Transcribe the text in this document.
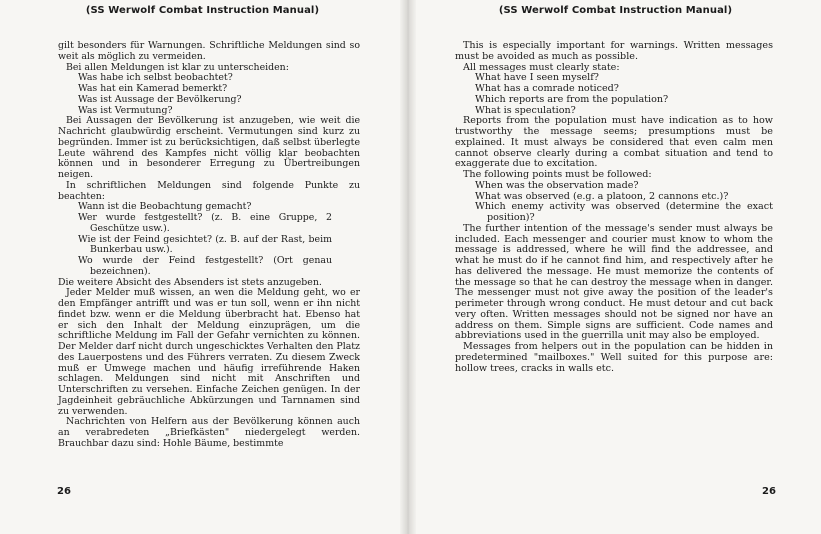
(SS Werwolf Combat Instruction Manual)	(SS Werwolf Combat Instruction Manual)

gilt besonders für Warnungen. Schriftliche Meldungen sind so weit als möglich zu vermeiden.

Bei allen Meldungen ist klar zu unterscheiden:

Was habe ich selbst beobachtet?
Was hat ein Kamerad bemerkt?
Was ist Aussage der Bevölkerung?
Was ist Vermutung?

Bei Aussagen der Bevölkerung ist anzugeben, wie weit die Nachricht glaubwürdig erscheint. Vermutungen sind kurz zu begründen. Immer ist zu berücksichtigen, daß selbst überlegte Leute während des Kampfes nicht völlig klar beobachten können und in besonderer Erregung zu Übertreibungen neigen.

In schriftlichen Meldungen sind folgende Punkte zu beachten:

Wann ist die Beobachtung gemacht?
Wer wurde festgestellt? (z. B. eine Gruppe, 2 Geschütze usw.).
Wie ist der Feind gesichtet? (z. B. auf der Rast, beim Bunkerbau usw.).
Wo wurde der Feind festgestellt? (Ort genau bezeichnen).

Die weitere Absicht des Absenders ist stets anzugeben.

Jeder Melder muß wissen, an wen die Meldung geht, wo er den Empfänger antrifft und was er tun soll, wenn er ihn nicht findet bzw. wenn er die Meldung überbracht hat. Ebenso hat er sich den Inhalt der Meldung einzuprägen, um die schriftliche Meldung im Fall der Gefahr vernichten zu können. Der Melder darf nicht durch ungeschicktes Verhalten den Platz des Lauerpostens und des Führers verraten. Zu diesem Zweck muß er Umwege machen und häufig irreführende Haken schlagen. Meldungen sind nicht mit Anschriften und Unterschriften zu versehen. Einfache Zeichen genügen. In der Jagdeinheit gebräuchliche Abkürzungen und Tarnnamen sind zu verwenden.

Nachrichten von Helfern aus der Bevölkerung können auch an verabredeten „Briefkästen" niedergelegt werden. Brauchbar dazu sind: Hohle Bäume, bestimmte

This is especially important for warnings. Written messages must be avoided as much as possible.

All messages must clearly state:

What have I seen myself?
What has a comrade noticed?
Which reports are from the population?
What is speculation?

Reports from the population must have indication as to how trustworthy the message seems; presumptions must be explained. It must always be considered that even calm men cannot observe clearly during a combat situation and tend to exaggerate due to excitation.

The following points must be followed:

When was the observation made?
What was observed (e.g. a platoon, 2 cannons etc.)?
Which enemy activity was observed (determine the exact position)?

The further intention of the message's sender must always be included. Each messenger and courier must know to whom the message is addressed, where he will find the addressee, and what he must do if he cannot find him, and respectively after he has delivered the message. He must memorize the contents of the message so that he can destroy the message when in danger. The messenger must not give away the position of the leader's perimeter through wrong conduct. He must detour and cut back very often. Written messages should not be signed nor have an address on them. Simple signs are sufficient. Code names and abbreviations used in the guerrilla unit may also be employed.

Messages from helpers out in the population can be hidden in predetermined "mailboxes." Well suited for this purpose are: hollow trees, cracks in walls etc.

26	26
